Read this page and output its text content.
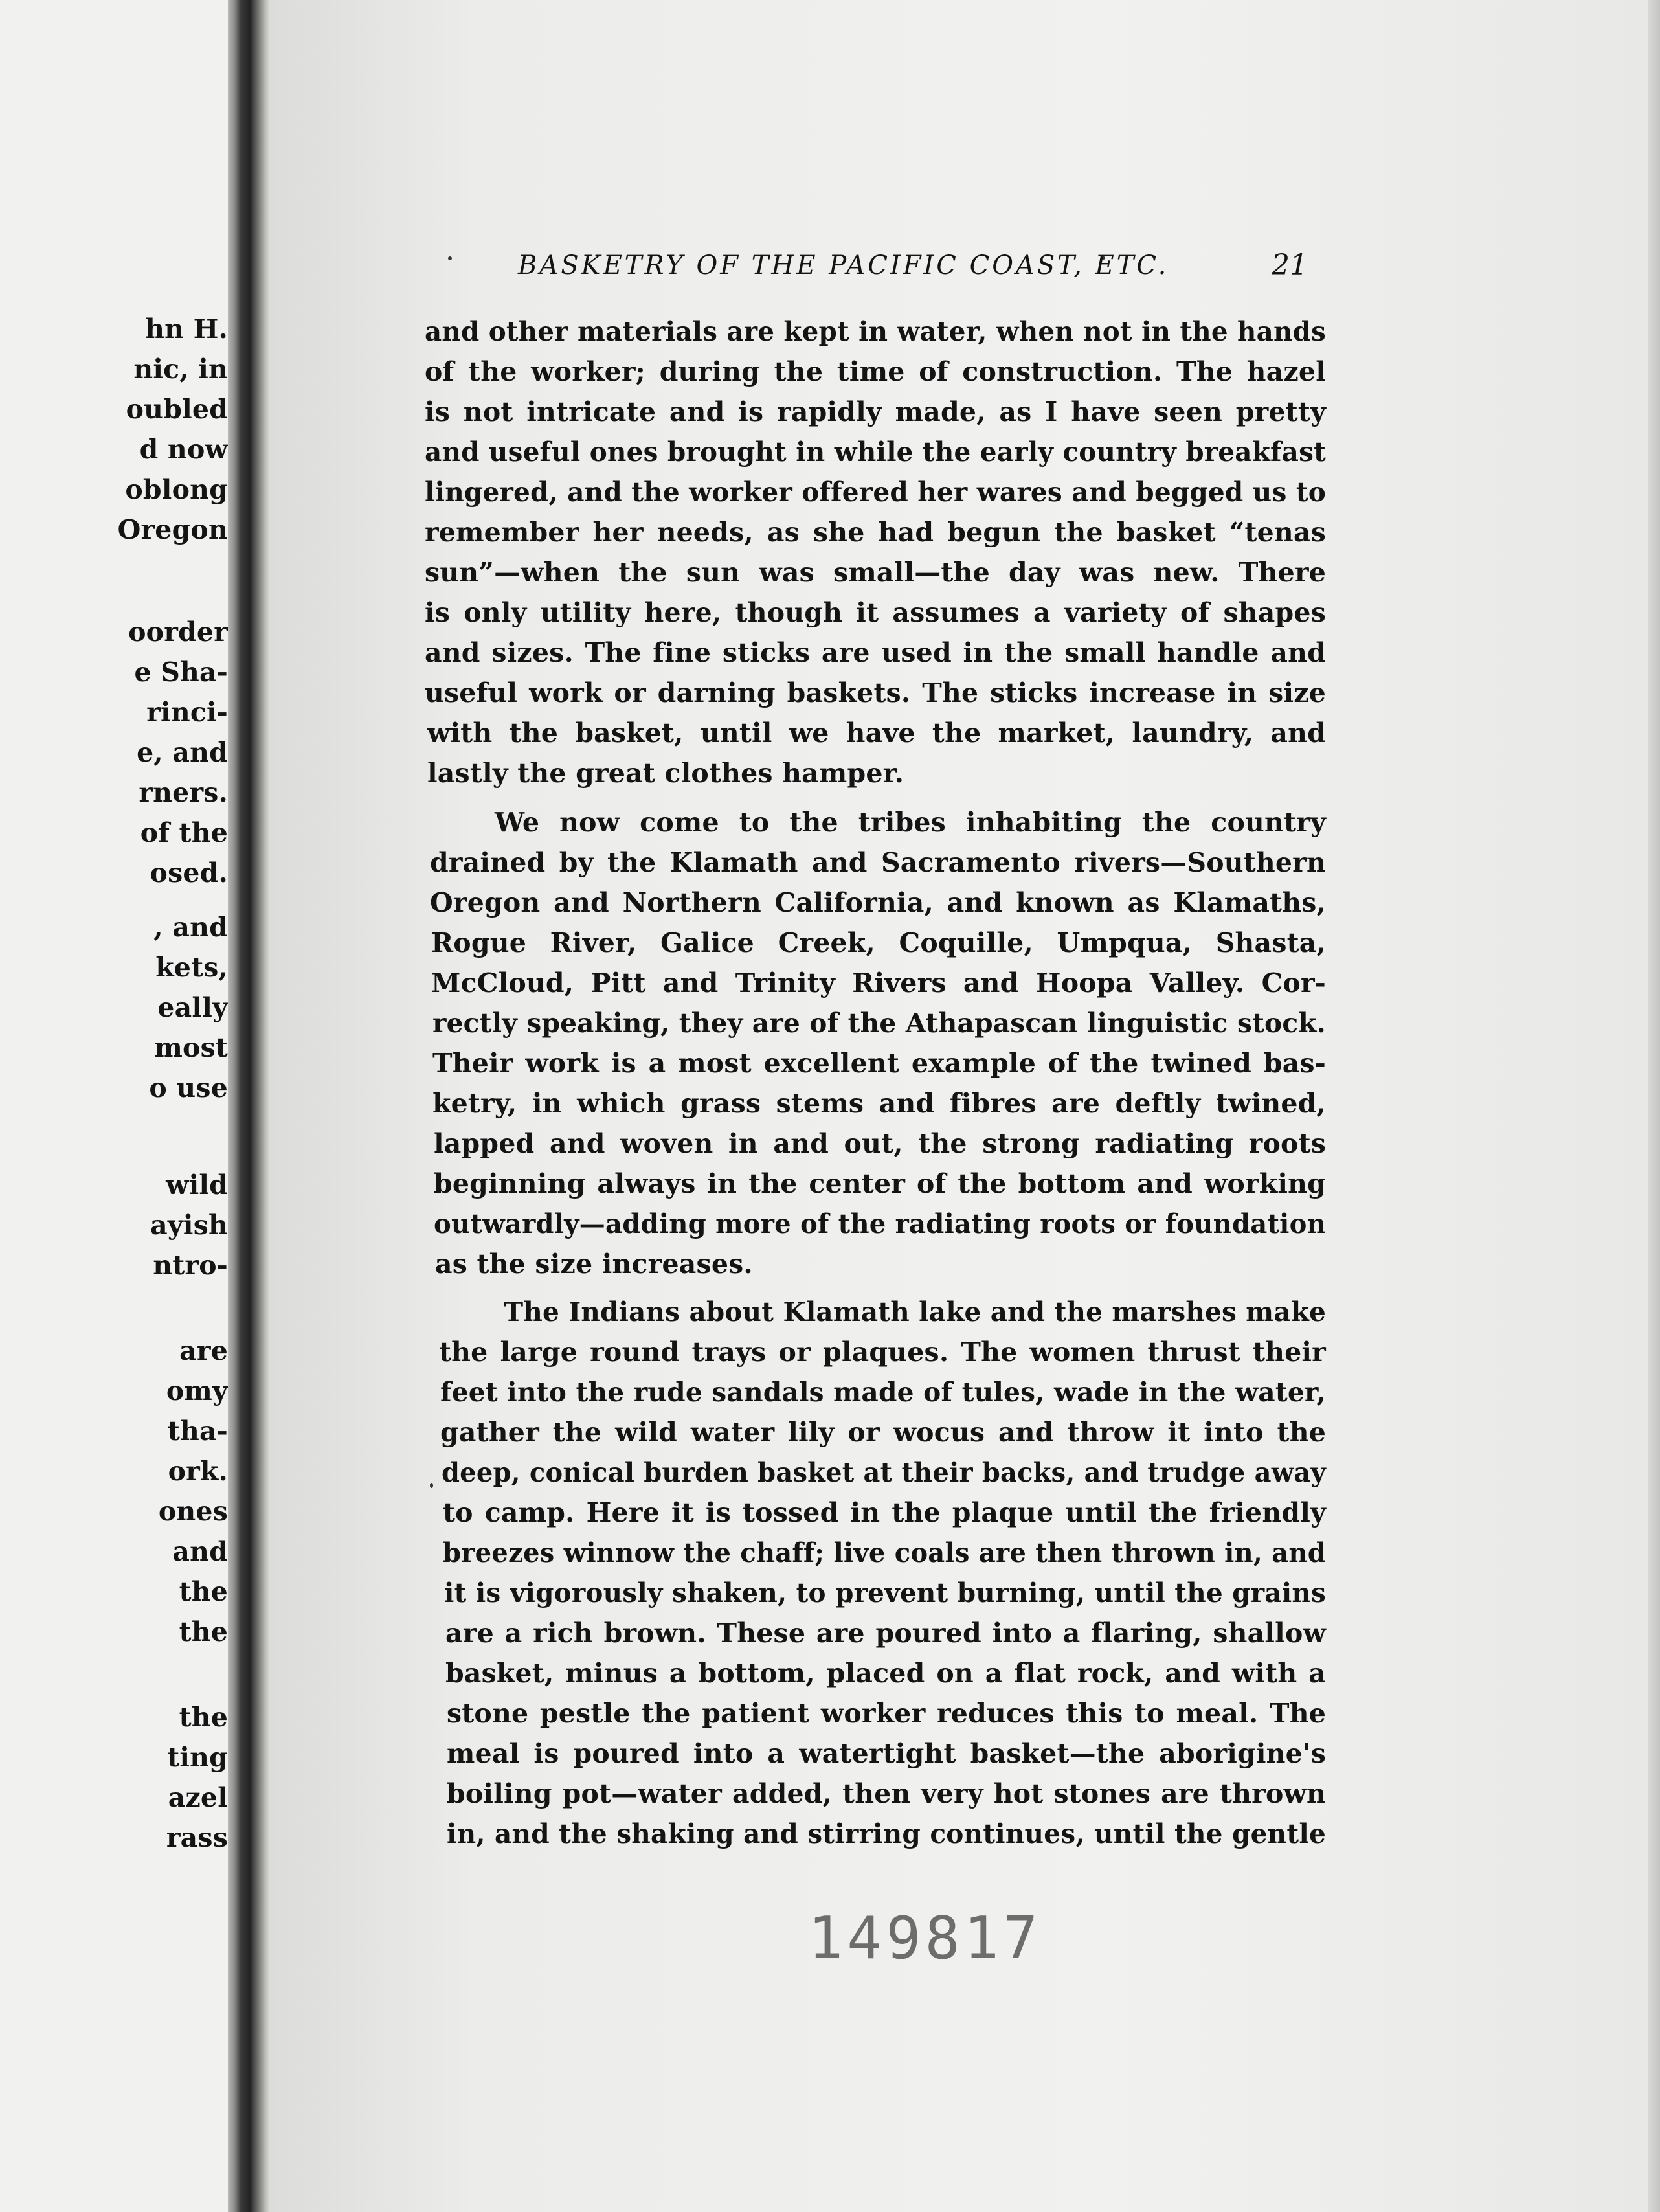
hn H.
nic, in
oubled
d now
oblong
Oregon
oorder
e Sha-
rinci-
e, and
rners.
of the
osed.
, and
kets,
eally
most
o use
wild
ayish
ntro-
are
omy
tha-
ork.
ones
and
the
the
the
ting
azel
rass
BASKETRY OF THE PACIFIC COAST, ETC.	21
and other materials are kept in water, when not in the hands
of the worker; during the time of construction. The hazel
is not intricate and is rapidly made, as I have seen pretty
and useful ones brought in while the early country breakfast
lingered, and the worker offered her wares and begged us to
remember her needs, as she had begun the basket “tenas
sun”—when the sun was small—the day was new. There
is only utility here, though it assumes a variety of shapes
and sizes. The fine sticks are used in the small handle and
useful work or darning baskets. The sticks increase in size
with the basket, until we have the market, laundry, and
lastly the great clothes hamper.
We now come to the tribes inhabiting the country
drained by the Klamath and Sacramento rivers—Southern
Oregon and Northern California, and known as Klamaths,
Rogue River, Galice Creek, Coquille, Umpqua, Shasta,
McCloud, Pitt and Trinity Rivers and Hoopa Valley. Cor-
rectly speaking, they are of the Athapascan linguistic stock.
Their work is a most excellent example of the twined bas-
ketry, in which grass stems and fibres are deftly twined,
lapped and woven in and out, the strong radiating roots
beginning always in the center of the bottom and working
outwardly—adding more of the radiating roots or foundation
as the size increases.
The Indians about Klamath lake and the marshes make
the large round trays or plaques. The women thrust their
feet into the rude sandals made of tules, wade in the water,
gather the wild water lily or wocus and throw it into the
deep, conical burden basket at their backs, and trudge away
to camp. Here it is tossed in the plaque until the friendly
breezes winnow the chaff; live coals are then thrown in, and
it is vigorously shaken, to prevent burning, until the grains
are a rich brown. These are poured into a flaring, shallow
basket, minus a bottom, placed on a flat rock, and with a
stone pestle the patient worker reduces this to meal. The
meal is poured into a watertight basket—the aborigine's
boiling pot—water added, then very hot stones are thrown
in, and the shaking and stirring continues, until the gentle
149817
